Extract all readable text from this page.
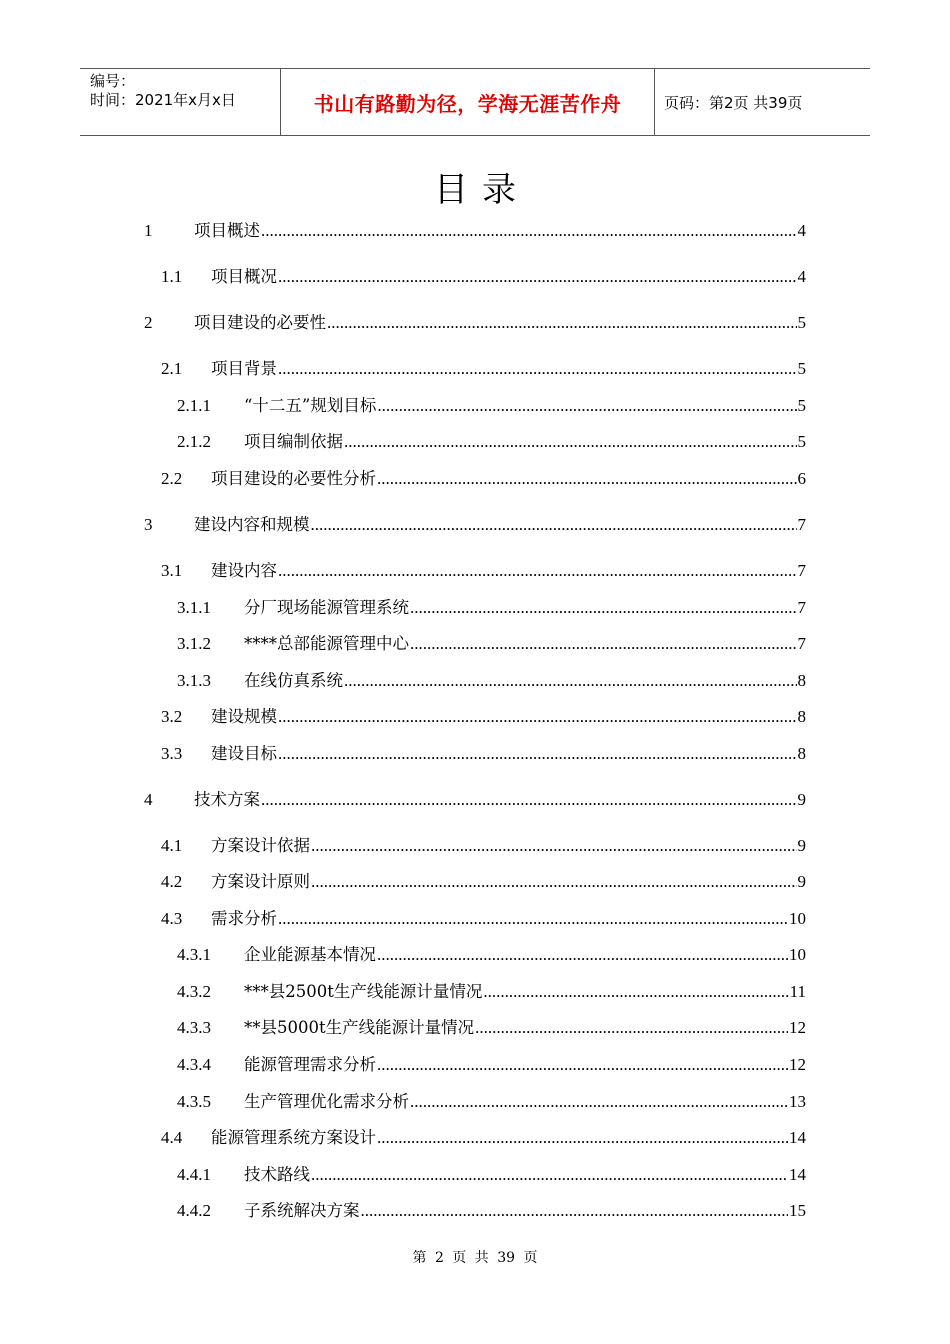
编号：
时间：2021年x月x日	书山有路勤为径，学海无涯苦作舟	页码：第2页 共39页
目录
1	项目概述 .....	4
1.1	项目概况 .....	4
2	项目建设的必要性 .....	5
2.1	项目背景 .....	5
2.1.1	“十二五”规划目标 .....	5
2.1.2	项目编制依据 .....	5
2.2	项目建设的必要性分析 .....	6
3	建设内容和规模 .....	7
3.1	建设内容 .....	7
3.1.1	分厂现场能源管理系统 .....	7
3.1.2	****总部能源管理中心 .....	7
3.1.3	在线仿真系统 .....	8
3.2	建设规模 .....	8
3.3	建设目标 .....	8
4	技术方案 .....	9
4.1	方案设计依据 .....	9
4.2	方案设计原则 .....	9
4.3	需求分析 .....	10
4.3.1	企业能源基本情况 .....	10
4.3.2	***县2500t生产线能源计量情况 .....	11
4.3.3	**县5000t生产线能源计量情况 .....	12
4.3.4	能源管理需求分析 .....	12
4.3.5	生产管理优化需求分析 .....	13
4.4	能源管理系统方案设计 .....	14
4.4.1	技术路线 .....	14
4.4.2	子系统解决方案 .....	15
第 2 页 共 39 页
